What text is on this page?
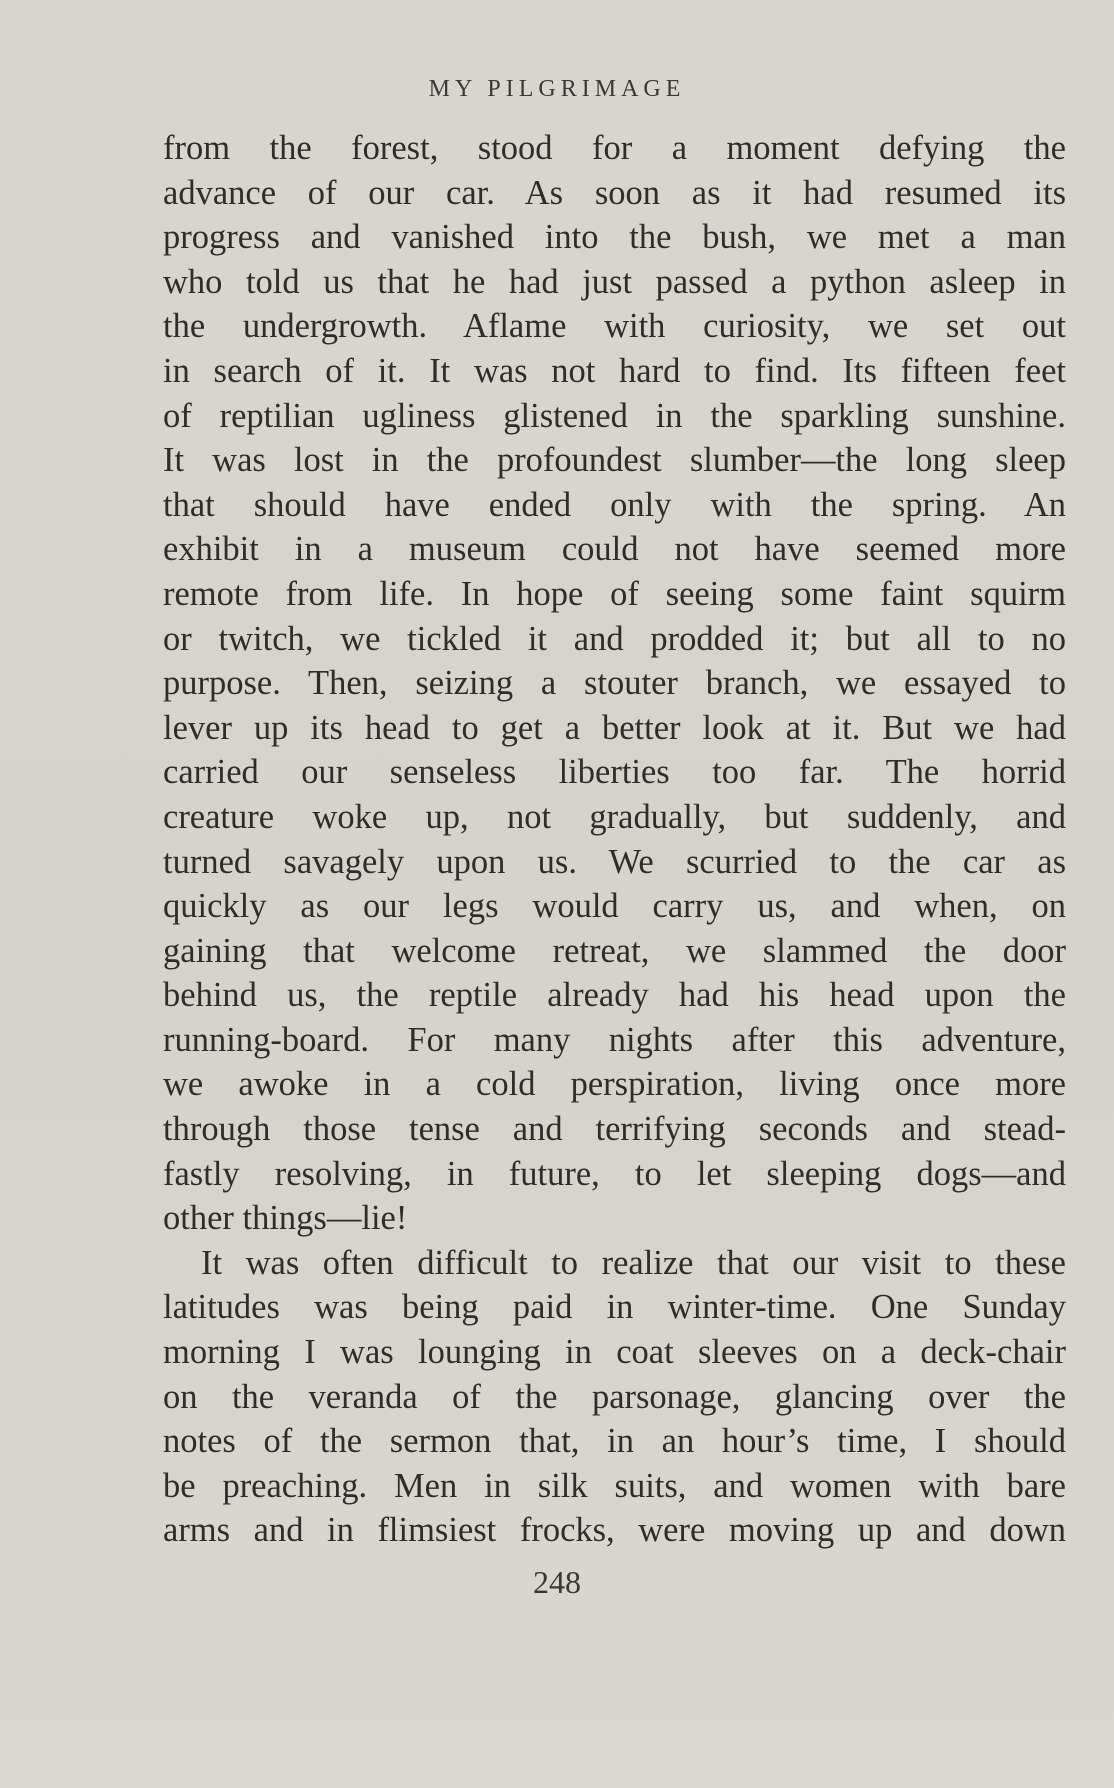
MY PILGRIMAGE
from the forest, stood for a moment defying the
advance of our car. As soon as it had resumed its
progress and vanished into the bush, we met a man
who told us that he had just passed a python asleep in
the undergrowth. Aflame with curiosity, we set out
in search of it. It was not hard to find. Its fifteen feet
of reptilian ugliness glistened in the sparkling sunshine.
It was lost in the profoundest slumber—the long sleep
that should have ended only with the spring. An
exhibit in a museum could not have seemed more
remote from life. In hope of seeing some faint squirm
or twitch, we tickled it and prodded it; but all to no
purpose. Then, seizing a stouter branch, we essayed to
lever up its head to get a better look at it. But we had
carried our senseless liberties too far. The horrid
creature woke up, not gradually, but suddenly, and
turned savagely upon us. We scurried to the car as
quickly as our legs would carry us, and when, on
gaining that welcome retreat, we slammed the door
behind us, the reptile already had his head upon the
running-board. For many nights after this adventure,
we awoke in a cold perspiration, living once more
through those tense and terrifying seconds and stead-
fastly resolving, in future, to let sleeping dogs—and
other things—lie!
It was often difficult to realize that our visit to these
latitudes was being paid in winter-time. One Sunday
morning I was lounging in coat sleeves on a deck-chair
on the veranda of the parsonage, glancing over the
notes of the sermon that, in an hour’s time, I should
be preaching. Men in silk suits, and women with bare
arms and in flimsiest frocks, were moving up and down
248
